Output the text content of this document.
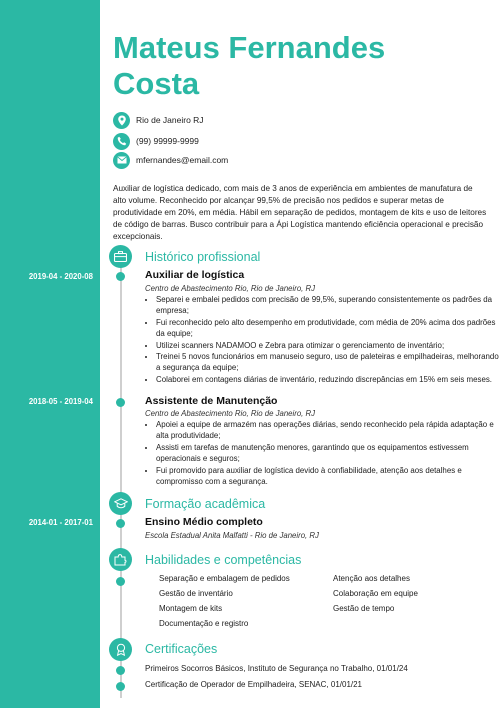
Mateus Fernandes
Costa
Rio de Janeiro RJ
(99) 99999-9999
mfernandes@email.com
Auxiliar de logística dedicado, com mais de 3 anos de experiência em ambientes de manufatura de alto volume. Reconhecido por alcançar 99,5% de precisão nos pedidos e superar metas de produtividade em 20%, em média. Hábil em separação de pedidos, montagem de kits e uso de leitores de código de barras. Busco contribuir para a Ápi Logística mantendo eficiência operacional e precisão excepcionais.
Histórico profissional
2019-04 - 2020-08	Auxiliar de logística
Centro de Abastecimento Rio, Rio de Janeiro, RJ
• Separei e embalei pedidos com precisão de 99,5%, superando consistentemente os padrões da empresa;
• Fui reconhecido pelo alto desempenho em produtividade, com média de 20% acima dos padrões da equipe;
• Utilizei scanners NADAMOO e Zebra para otimizar o gerenciamento de inventário;
• Treinei 5 novos funcionários em manuseio seguro, uso de paleteiras e empilhadeiras, melhorando a segurança da equipe;
• Colaborei em contagens diárias de inventário, reduzindo discrepâncias em 15% em seis meses.
2018-05 - 2019-04	Assistente de Manutenção
Centro de Abastecimento Rio, Rio de Janeiro, RJ
• Apoiei a equipe de armazém nas operações diárias, sendo reconhecido pela rápida adaptação e alta produtividade;
• Assisti em tarefas de manutenção menores, garantindo que os equipamentos estivessem operacionais e seguros;
• Fui promovido para auxiliar de logística devido à confiabilidade, atenção aos detalhes e compromisso com a segurança.
Formação acadêmica
2014-01 - 2017-01	Ensino Médio completo
Escola Estadual Anita Malfatti - Rio de Janeiro, RJ
Habilidades e competências
Separação e embalagem de pedidos	Atenção aos detalhes
Gestão de inventário	Colaboração em equipe
Montagem de kits	Gestão de tempo
Documentação e registro
Certificações
Primeiros Socorros Básicos, Instituto de Segurança no Trabalho, 01/01/24
Certificação de Operador de Empilhadeira, SENAC, 01/01/21
